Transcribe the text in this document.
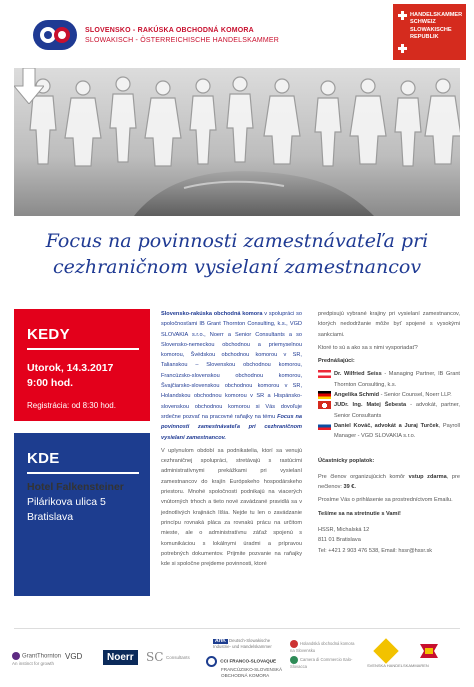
SLOVENSKO - RAKÚSKA OBCHODNÁ KOMORA
SLOWAKISCH - ÖSTERREICHISCHE HANDELSKAMMER
HANDELSKAMMER
SCHWEIZ
SLOWAKISCHE
REPUBLIK
Focus na povinnosti zamestnávateľa pri
cezhraničnom vysielaní zamestnancov
KEDY
Utorok, 14.3.2017
9:00 hod.
Registrácia: od 8:30 hod.
KDE
Hotel Falkensteiner
Pilárikova ulica 5
Bratislava

Slovensko-rakúska obchodná komora v spolupráci so spoločnosťami IB Grant Thornton Consulting, k.s., VGD SLOVAKIA s.r.o., Noerr a Senior Consultants a so Slovensko-nemeckou obchodnou a priemyselnou komorou, Švédskou obchodnou komorou v SR, Talianskou – Slovenskou obchodnou komorou, Francúzsko-slovenskou obchodnou komorou, Švajčiarsko-slovenskou obchodnou komorou v SR, Holandskou obchodnou komorou v SR a Hispánsko-slovenskou obchodnou komorou si Vás dovoľuje srdečne pozvať na pracovné raňajky na tému Focus na povinnosti zamestnávateľa pri cezhraničnom vysielaní zamestnancov.

V uplynulom období sa podnikatelia, ktorí sa venujú cezhraničnej spolupráci, stretávajú s rastúcimi administratívnymi prekážkami pri vysielaní zamestnancov do krajín Európskeho hospodárskeho priestoru. Mnohé spoločnosti podnikajú na viacerých vnútorných trhoch a tieto nové zavádzané pravidlá sa v jednotlivých krajinách líšia. Nejde tu len o zavádzanie princípu rovnaká pláca za rovnakú prácu na určitom mieste, ale o administratívnu záťaž spojenú s komunikáciou s lokálnymi úradmi a prípravou potrebných dokumentov. Prijmite pozvanie na raňajky kde si spoločne prejdeme povinnosti, ktoré

predpisujú vybrané krajiny pri vysielaní zamestnancov, ktorých nedodržanie môže byť spojené s vysokými sankciami.

Ktoré to sú a ako sa s nimi vysporiadať?

Prednášajúci:

Dr. Wilfried Seiss - Managing Partner, IB Grant Thornton Consulting, k.s.
Angelika Schmid - Senior Counsel, Noerr LLP.
JUDr. Ing. Matej Šebesta - advokát, partner, Senior Consultants
Daniel Kováč, advokát a Juraj Turček, Payroll Manager - VGD SLOVAKIA s.r.o.

Účastnícky poplatok:

Pre členov organizujúcich komôr vstup zdarma, pre nečlenov: 39 €.

Prosíme Vás o prihlásenie sa prostredníctvom Emailu.

Tešíme sa na stretnutie s Vami!

HSSR, Michalská 12
811 01 Bratislava
Tel: +421 2 903 476 538, Email: hssr@hssr.sk
GrantThornton
An instinct for growth
VGD	Noerr	SC Consultants
AHK Deutsch-Slowakische Industrie- und Handelskammer
CCI FRANCO-SLOVAQUE
FRANCÚZSKO-SLOVENSKÁ
OBCHODNÁ KOMORA
Holandská obchodná komora na Slovensku
Camera di Commercio Italo-Slovacca	SVENSKA HANDELSKAMMAREN
